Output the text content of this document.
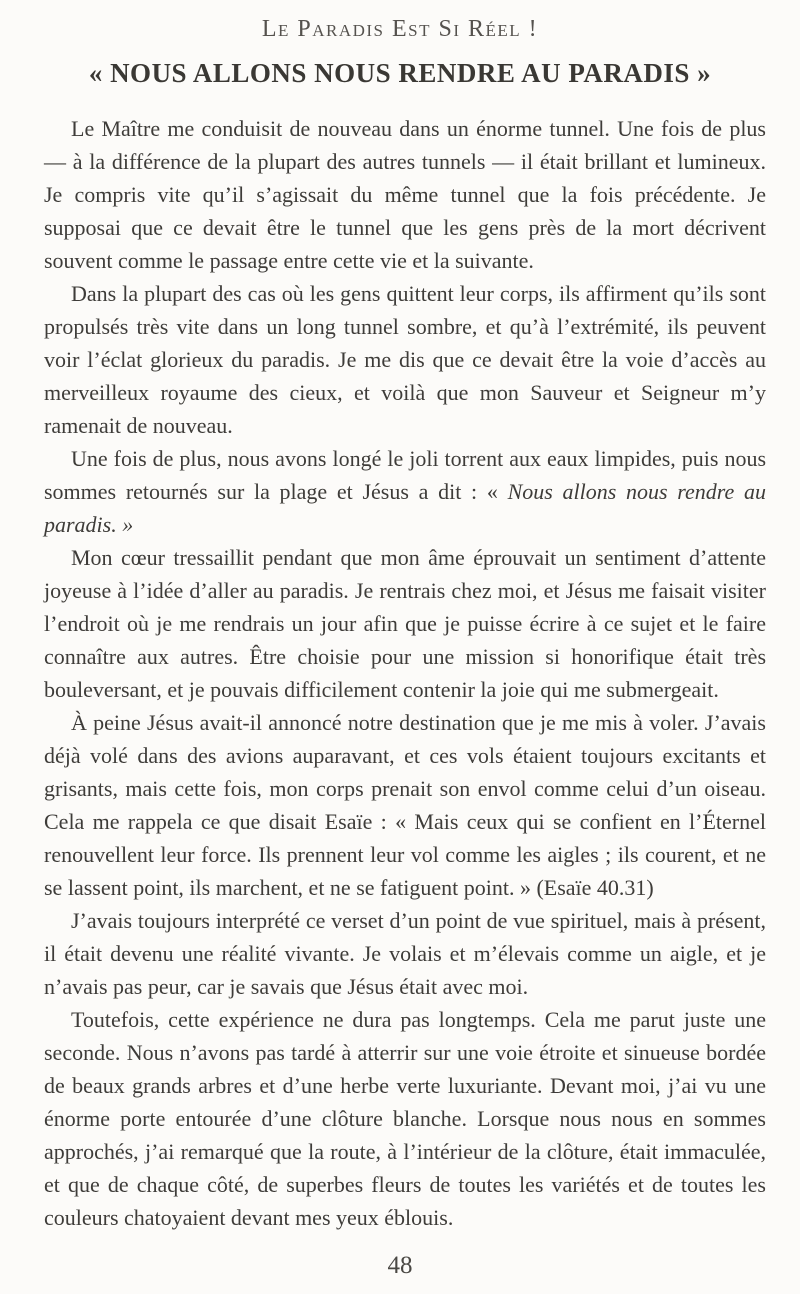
Le Paradis Est Si Réel !
« NOUS ALLONS NOUS RENDRE AU PARADIS »

Le Maître me conduisit de nouveau dans un énorme tunnel. Une fois de plus — à la différence de la plupart des autres tunnels — il était brillant et lumineux. Je compris vite qu’il s’agissait du même tunnel que la fois précédente. Je supposai que ce devait être le tunnel que les gens près de la mort décrivent souvent comme le passage entre cette vie et la suivante.

Dans la plupart des cas où les gens quittent leur corps, ils affirment qu’ils sont propulsés très vite dans un long tunnel sombre, et qu’à l’extrémité, ils peuvent voir l’éclat glorieux du paradis. Je me dis que ce devait être la voie d’accès au merveilleux royaume des cieux, et voilà que mon Sauveur et Seigneur m’y ramenait de nouveau.

Une fois de plus, nous avons longé le joli torrent aux eaux limpides, puis nous sommes retournés sur la plage et Jésus a dit : « Nous allons nous rendre au paradis. »

Mon cœur tressaillit pendant que mon âme éprouvait un sentiment d’attente joyeuse à l’idée d’aller au paradis. Je rentrais chez moi, et Jésus me faisait visiter l’endroit où je me rendrais un jour afin que je puisse écrire à ce sujet et le faire connaître aux autres. Être choisie pour une mission si honorifique était très bouleversant, et je pouvais difficilement contenir la joie qui me submergeait.

À peine Jésus avait-il annoncé notre destination que je me mis à voler. J’avais déjà volé dans des avions auparavant, et ces vols étaient toujours excitants et grisants, mais cette fois, mon corps prenait son envol comme celui d’un oiseau. Cela me rappela ce que disait Esaïe : « Mais ceux qui se confient en l’Éternel renouvellent leur force. Ils prennent leur vol comme les aigles ; ils courent, et ne se lassent point, ils marchent, et ne se fatiguent point. » (Esaïe 40.31)

J’avais toujours interprété ce verset d’un point de vue spirituel, mais à présent, il était devenu une réalité vivante. Je volais et m’élevais comme un aigle, et je n’avais pas peur, car je savais que Jésus était avec moi.

Toutefois, cette expérience ne dura pas longtemps. Cela me parut juste une seconde. Nous n’avons pas tardé à atterrir sur une voie étroite et sinueuse bordée de beaux grands arbres et d’une herbe verte luxuriante. Devant moi, j’ai vu une énorme porte entourée d’une clôture blanche. Lorsque nous nous en sommes approchés, j’ai remarqué que la route, à l’intérieur de la clôture, était immaculée, et que de chaque côté, de superbes fleurs de toutes les variétés et de toutes les couleurs chatoyaient devant mes yeux éblouis.

48
